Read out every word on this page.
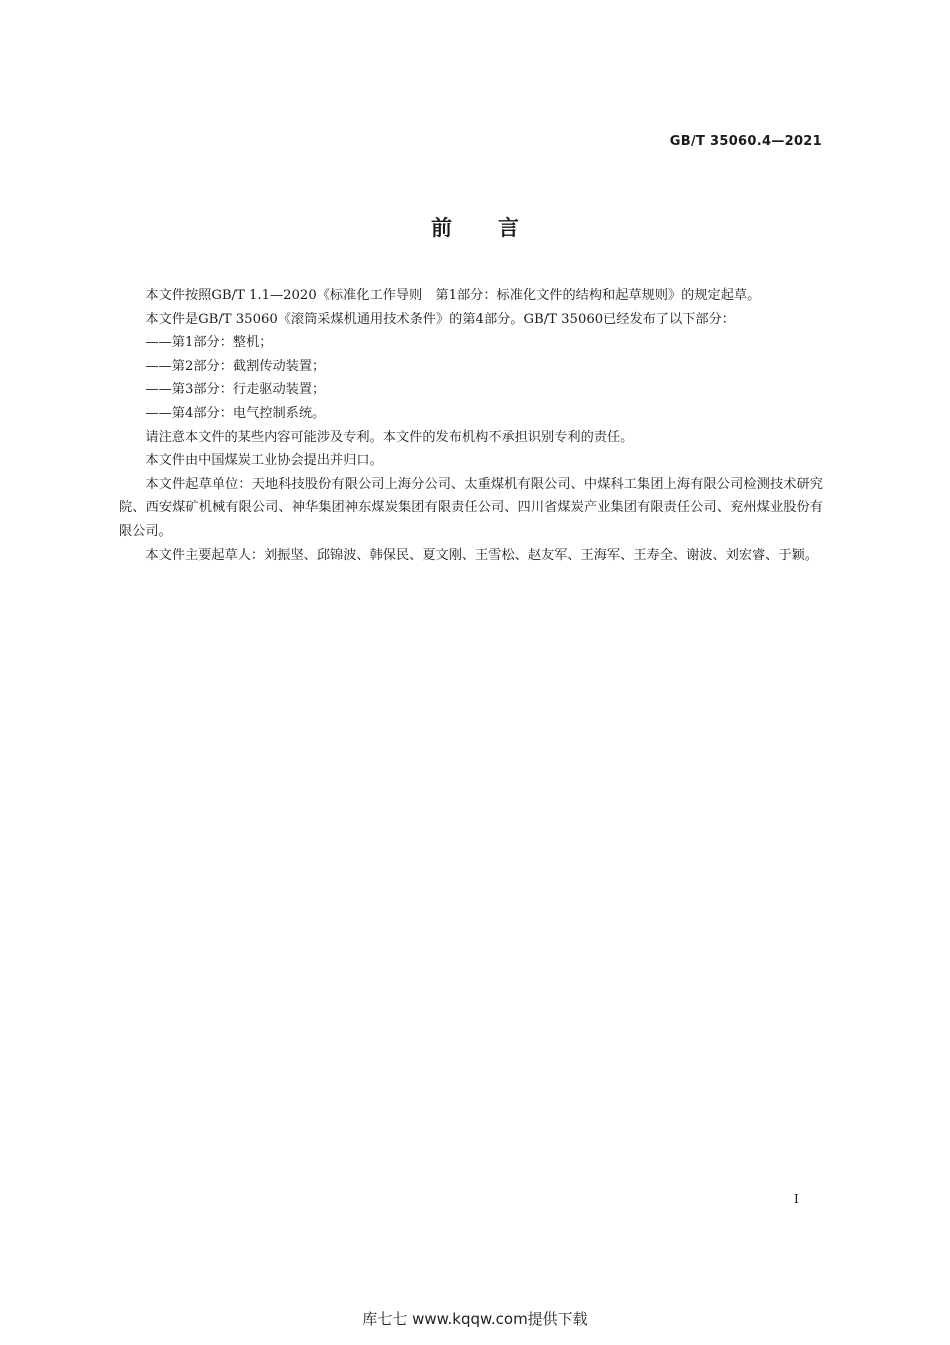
GB/T 35060.4—2021
前言

本文件按照GB/T 1.1—2020《标准化工作导则　第1部分：标准化文件的结构和起草规则》的规定起草。

本文件是GB/T 35060《滚筒采煤机通用技术条件》的第4部分。GB/T 35060已经发布了以下部分：

——第1部分：整机；

——第2部分：截割传动装置；

——第3部分：行走驱动装置；

——第4部分：电气控制系统。

请注意本文件的某些内容可能涉及专利。本文件的发布机构不承担识别专利的责任。

本文件由中国煤炭工业协会提出并归口。

本文件起草单位：天地科技股份有限公司上海分公司、太重煤机有限公司、中煤科工集团上海有限公司检测技术研究院、西安煤矿机械有限公司、神华集团神东煤炭集团有限责任公司、四川省煤炭产业集团有限责任公司、兖州煤业股份有限公司。

本文件主要起草人：刘振坚、邱锦波、韩保民、夏文刚、王雪松、赵友军、王海军、王寿全、谢波、刘宏睿、于颖。

I
库七七 www.kqqw.com提供下载
